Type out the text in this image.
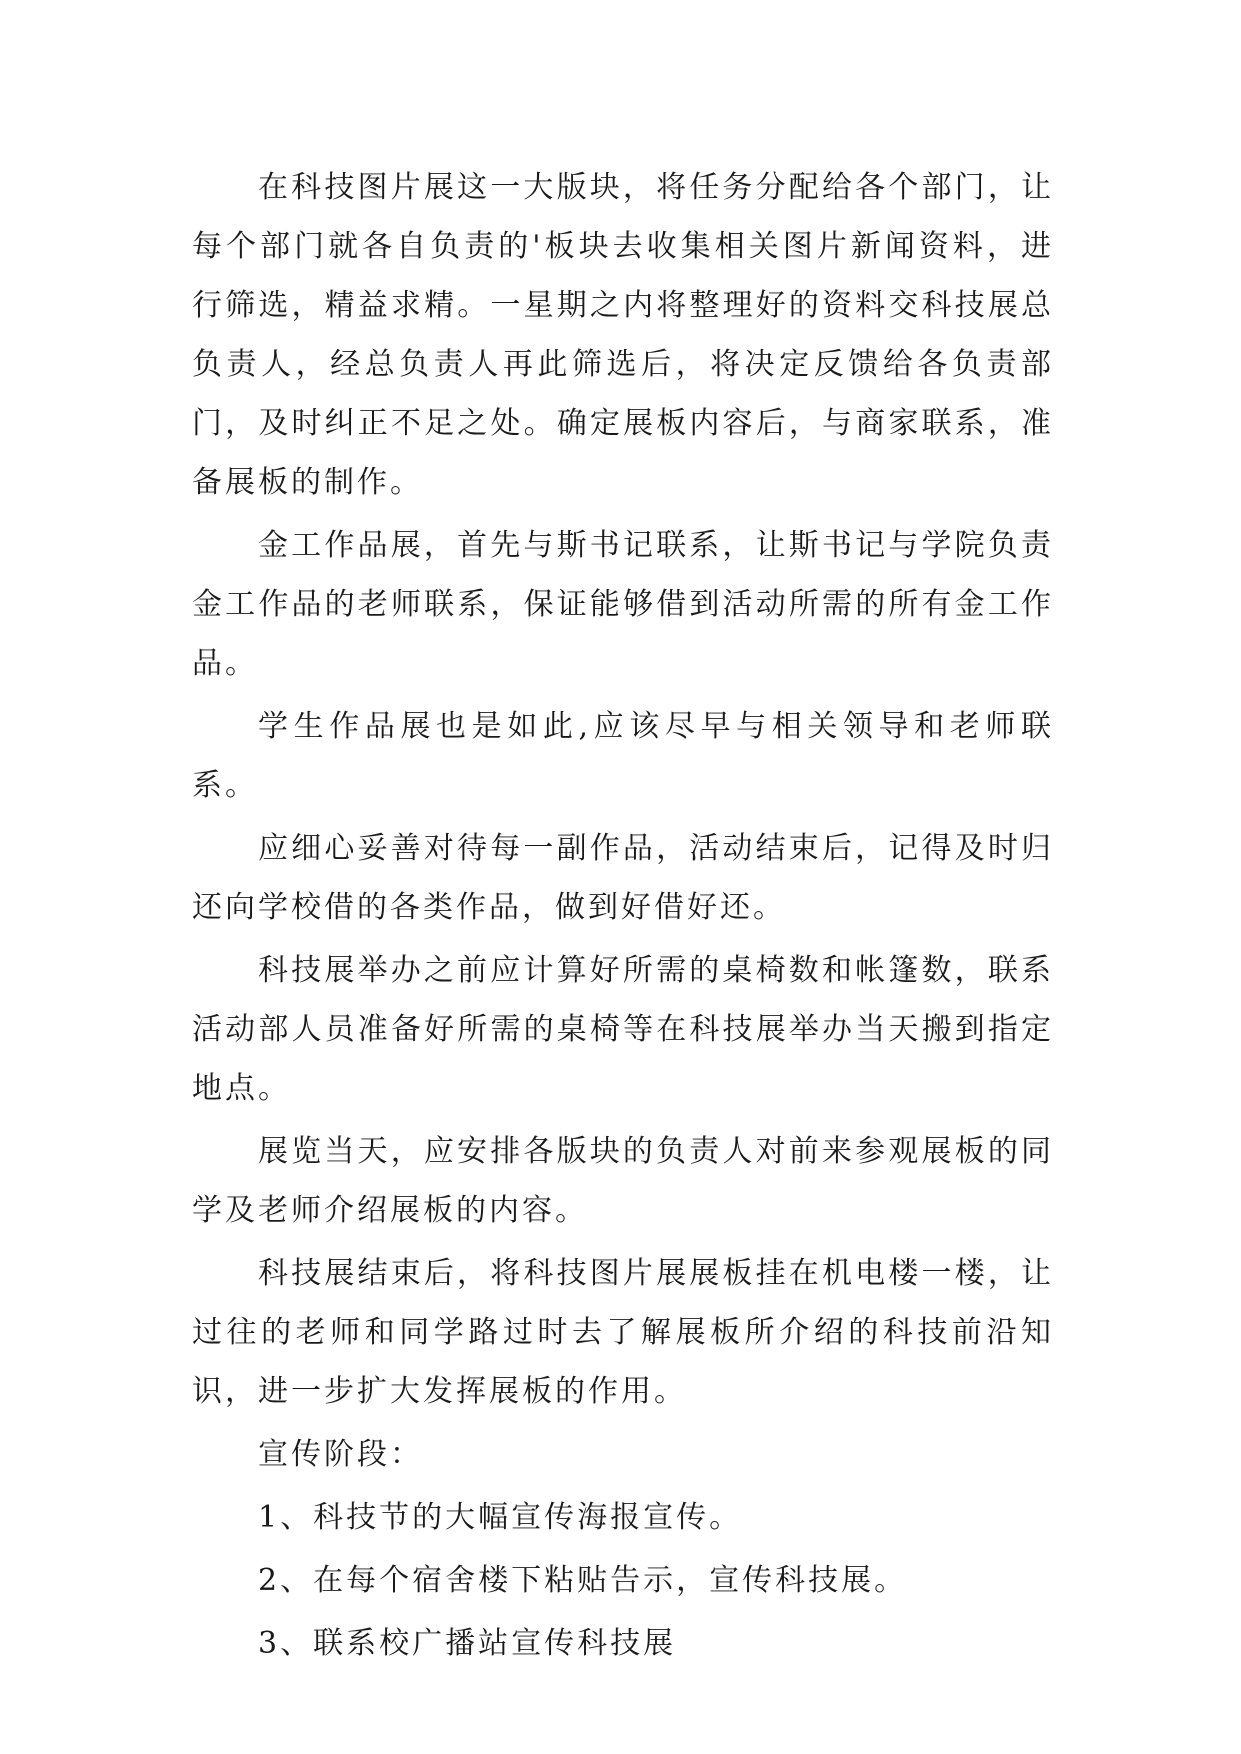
在科技图片展这一大版块，将任务分配给各个部门，让每个部门就各自负责的'板块去收集相关图片新闻资料，进行筛选，精益求精。一星期之内将整理好的资料交科技展总负责人，经总负责人再此筛选后，将决定反馈给各负责部门，及时纠正不足之处。确定展板内容后，与商家联系，准备展板的制作。

金工作品展，首先与斯书记联系，让斯书记与学院负责金工作品的老师联系，保证能够借到活动所需的所有金工作品。

学生作品展也是如此,应该尽早与相关领导和老师联系。

应细心妥善对待每一副作品，活动结束后，记得及时归还向学校借的各类作品，做到好借好还。

科技展举办之前应计算好所需的桌椅数和帐篷数，联系活动部人员准备好所需的桌椅等在科技展举办当天搬到指定地点。

展览当天，应安排各版块的负责人对前来参观展板的同学及老师介绍展板的内容。

科技展结束后，将科技图片展展板挂在机电楼一楼，让过往的老师和同学路过时去了解展板所介绍的科技前沿知识，进一步扩大发挥展板的作用。

宣传阶段：

1、科技节的大幅宣传海报宣传。

2、在每个宿舍楼下粘贴告示，宣传科技展。

3、联系校广播站宣传科技展
